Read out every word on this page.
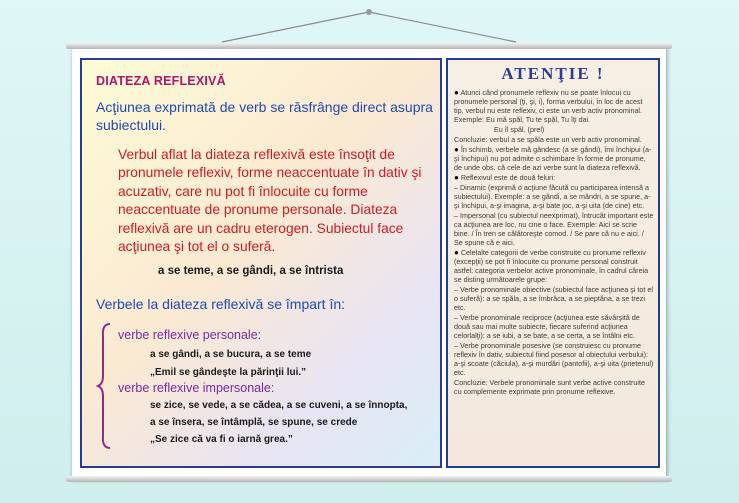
DIATEZA REFLEXIVĂ
Acţiunea exprimată de verb se răsfrânge direct asupra subiectului.
Verbul aflat la diateza reflexivă este însoţit de pronumele reflexiv, forme neaccentuate în dativ şi acuzativ, care nu pot fi înlocuite cu forme neaccentuate de pronume personale. Diateza reflexivă are un cadru eterogen. Subiectul face acţiunea şi tot el o suferă.
a se teme, a se gândi, a se întrista
Verbele la diateza reflexivă se împart în:
verbe reflexive personale:
a se gândi, a se bucura, a se teme
„Emil se gândeşte la părinţii lui.”
verbe reflexive impersonale:
se zice, se vede, a se cădea, a se cuveni, a se înnopta,
a se însera, se întâmplă, se spune, se crede
„Se zice că va fi o iarnă grea.”
ATENŢIE !

● Atunci când pronumele reflexiv nu se poate înlocui cu pronumele personal (ţi, şi, i), forma verbului, în loc de acest tip, verbul nu este reflexiv, ci este un verb activ pronominal. Exemple: Eu mă spăl, Tu te spăl, Tu îţi dai.

Eu îl spăl. (prel)

Concluzie: verbul a se spăla este un verb activ pronominal.

● În schimb, verbele mă gândesc (a se gândi), îmi închipui (a-şi închipui) nu pot admite o schimbare în forme de pronume, de unde obs. că cele de azi verbe sunt la diateza reflexivă.

● Reflexivul este de două feluri:

– Dinamic (exprimă o acţiune făcută cu participarea intensă a subiectului). Exemple: a se gândi, a se mândri, a se spune, a-şi închipui, a-şi imagina, a-şi bate joc, a-şi uita (de cine) etc.

– Impersonal (cu subiectul neexprimat), întrucât important este ca acţiunea are loc, nu cine o face. Exemple: Aici se scrie bine. / În tren se călătoreşte comod. / Se pare că nu e aici. / Se spune că e aici.

● Celelalte categorii de verbe construite cu pronume reflexiv (excepţii) se pot fi înlocuite cu pronume personal construit astfel: categoria verbelor active pronominale, în cadrul căreia se disting următoarele grupe:

– Verbe pronominale obiective (subiectul face acţiunea şi tot el o suferă): a se spăla, a se îmbrăca, a se pieptăna, a se trezi etc.

– Verbe pronominale reciproce (acţiunea este săvârşită de două sau mai multe subiecte, fiecare suferind acţiunea celorlalţi): a se iubi, a se bate, a se certa, a se întâlni etc.

– Verbe pronominale posesive (se construiesc cu pronume reflexiv în dativ, subiectul fiind posesor al obiectului verbului): a-şi scoate (căciula), a-şi murdări (pantofii), a-şi uita (prietenul) etc.

Concluzie: Verbele pronominale sunt verbe active construite cu complemente exprimate prin pronume reflexive.
